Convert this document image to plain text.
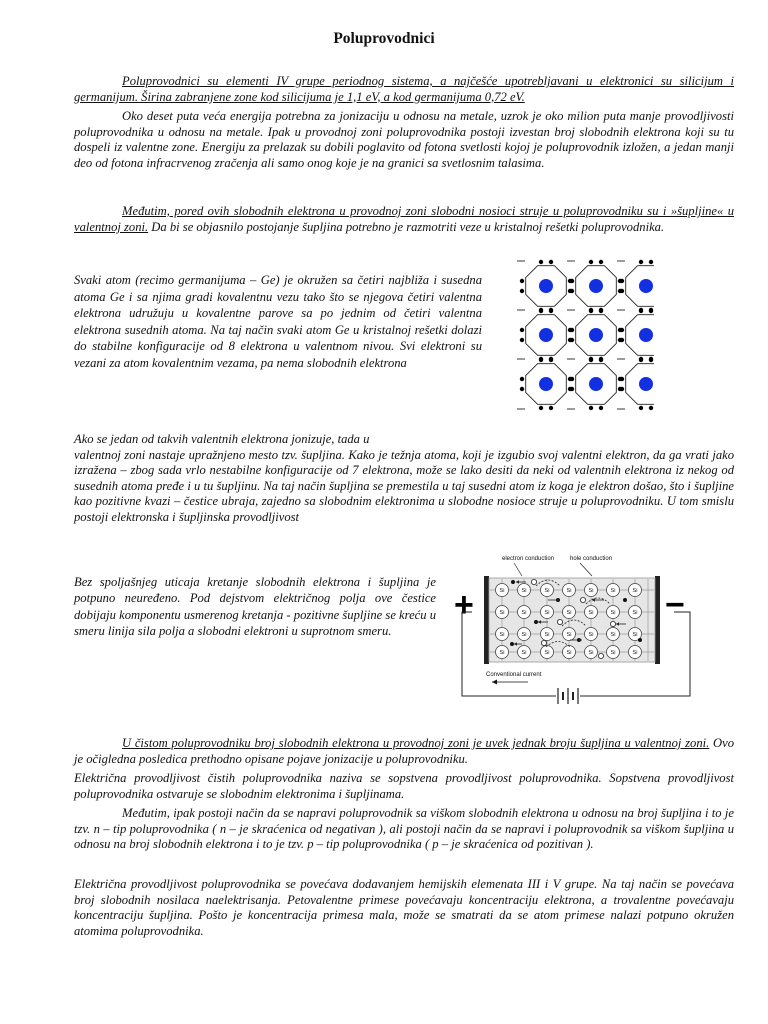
Poluprovodnici
Poluprovodnici su elementi IV grupe periodnog sistema, a najčešće upotrebljavani u elektronici su silicijum i germanijum. Širina zabranjene zone kod silicijuma je 1,1 eV, a kod germanijuma 0,72 eV.
Oko deset puta veća energija potrebna za jonizaciju u odnosu na metale, uzrok je oko milion puta manje provodljivosti poluprovodnika u odnosu na metale. Ipak u provodnoj zoni poluprovodnika postoji izvestan broj slobodnih elektrona koji su tu dospeli iz valentne zone. Energiju za prelazak su dobili poglavito od fotona svetlosti kojoj je poluprovodnik izložen, a jedan manji deo od fotona infracrvenog zračenja ali samo onog koje je na granici sa svetlosnim talasima.
Međutim, pored ovih slobodnih elektrona u provodnoj zoni slobodni nosioci struje u poluprovodniku su i »šupljine« u valentnoj zoni. Da bi se objasnilo postojanje šupljina potrebno je razmotriti veze u kristalnoj rešetki poluprovodnika.
Svaki atom (recimo germanijuma – Ge) je okružen sa četiri najbliža i susedna atoma Ge i sa njima gradi kovalentnu vezu tako što se njegova četiri valentna elektrona udružuju u kovalentne parove sa po jednim od četiri valentna elektrona susednih atoma. Na taj način svaki atom Ge u kristalnoj rešetki dolazi do stabilne konfiguracije od 8 elektrona u valentnom nivou. Svi elektroni su vezani za atom kovalentnim vezama, pa nema slobodnih elektrona
Ako se jedan od takvih valentnih elektrona jonizuje, tada u
valentnoj zoni nastaje upražnjeno mesto tzv. šupljina. Kako je težnja atoma, koji je izgubio svoj valentni elektron, da ga vrati jako izražena – zbog sada vrlo nestabilne konfiguracije od 7 elektrona, može se lako desiti da neki od valentnih elektrona iz nekog od susednih atoma pređe i u tu šupljinu. Na taj način šupljina se premestila u taj susedni atom iz koga je elektron došao, što i šupljine kao pozitivne kvazi – čestice ubraja, zajedno sa slobodnim elektronima u slobodne nosioce struje u poluprovodniku. U tom smislu postoji elektronska i šupljinska provodljivost
Bez spoljašnjeg uticaja kretanje slobodnih elektrona i šupljina je potpuno neuređeno. Pod dejstvom električnog polja ove čestice dobijaju komponentu usmerenog kretanja - pozitivne šupljine se kreću u smeru linija sila polja a slobodni elektroni u suprotnom smeru.
+	−
Si	Si	Si	Si	Si	Si	Si
Si	Si	Si	Si	Si	Si	Si
Si	Si	Si	Si	Si	Si	Si
Si	Si	Si	Si	Si	Si	Si
electron conduction	hole conduction
Conventional current
U čistom poluprovodniku broj slobodnih elektrona u provodnoj zoni je uvek jednak broju šupljina u valentnoj zoni. Ovo je očigledna posledica prethodno opisane pojave jonizacije u poluprovodniku.
Električna provodljivost čistih poluprovodnika naziva se sopstvena provodljivost poluprovodnika. Sopstvena provodljivost poluprovodnika ostvaruje se slobodnim elektronima i šupljinama.
Međutim, ipak postoji način da se napravi poluprovodnik sa viškom slobodnih elektrona u odnosu na broj šupljina i to je tzv. n – tip poluprovodnika ( n – je skraćenica od negativan ), ali postoji način da se napravi i poluprovodnik sa viškom šupljina u odnosu na broj slobodnih elektrona i to je tzv. p – tip poluprovodnika ( p – je skraćenica od pozitivan ).
Električna provodljivost poluprovodnika se povećava dodavanjem hemijskih elemenata III i V grupe. Na taj način se povećava broj slobodnih nosilaca naelektrisanja. Petovalentne primese povećavaju koncentraciju elektrona, a trovalentne povećavaju koncentraciju šupljina. Pošto je koncentracija primesa mala, može se smatrati da se atom primese nalazi potpuno okružen atomima poluprovodnika.
